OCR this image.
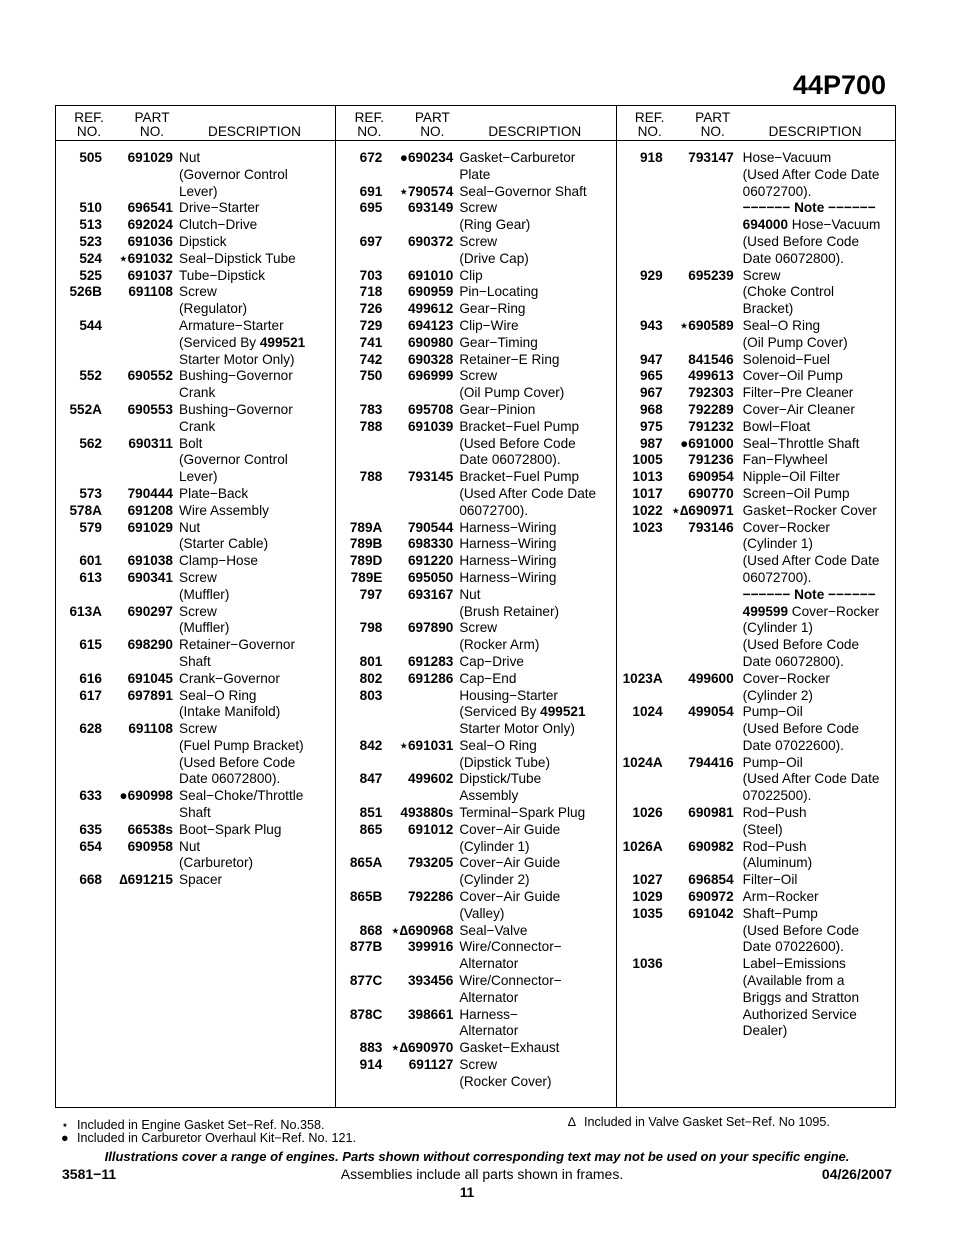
44P700
REF.
NO.
PART
NO.	DESCRIPTION
505	691029 Nut
(Governor Control
Lever)
510	696541 Drive−Starter
513	692024 Clutch−Drive
523	691036 Dipstick
524	⋆691032 Seal−Dipstick Tube
525	691037 Tube−Dipstick
526B	691108 Screw
(Regulator)
544	Armature−Starter
(Serviced By 499521
Starter Motor Only)
552	690552 Bushing−Governor
Crank
552A	690553 Bushing−Governor
Crank
562	690311 Bolt
(Governor Control
Lever)
573	790444 Plate−Back
578A	691208 Wire Assembly
579	691029 Nut
(Starter Cable)
601	691038 Clamp−Hose
613	690341 Screw
(Muffler)
613A	690297 Screw
(Muffler)
615	698290 Retainer−Governor
Shaft
616	691045 Crank−Governor
617	697891 Seal−O Ring
(Intake Manifold)
628	691108 Screw
(Fuel Pump Bracket)
(Used Before Code
Date 06072800).
633	●690998 Seal−Choke/Throttle
Shaft
635	66538s Boot−Spark Plug
654	690958 Nut
(Carburetor)
668	∆691215 Spacer
REF.
NO.
PART
NO.	DESCRIPTION
672	●690234 Gasket−Carburetor
Plate
691	⋆790574 Seal−Governor Shaft
695	693149 Screw
(Ring Gear)
697	690372 Screw
(Drive Cap)
703	691010 Clip
718	690959 Pin−Locating
726	499612 Gear−Ring
729	694123 Clip−Wire
741	690980 Gear−Timing
742	690328 Retainer−E Ring
750	696999 Screw
(Oil Pump Cover)
783	695708 Gear−Pinion
788	691039 Bracket−Fuel Pump
(Used Before Code
Date 06072800).
788	793145 Bracket−Fuel Pump
(Used After Code Date
06072700).
789A	790544 Harness−Wiring
789B	698330 Harness−Wiring
789D	691220 Harness−Wiring
789E	695050 Harness−Wiring
797	693167 Nut
(Brush Retainer)
798	697890 Screw
(Rocker Arm)
801	691283 Cap−Drive
802	691286 Cap−End
803	Housing−Starter
(Serviced By 499521
Starter Motor Only)
842	⋆691031 Seal−O Ring
(Dipstick Tube)
847	499602 Dipstick/Tube
Assembly
851	493880s Terminal−Spark Plug
865	691012 Cover−Air Guide
(Cylinder 1)
865A	793205 Cover−Air Guide
(Cylinder 2)
865B	792286 Cover−Air Guide
(Valley)
868 ⋆∆690968 Seal−Valve
877B	399916 Wire/Connector−
Alternator
877C	393456 Wire/Connector−
Alternator
878C	398661 Harness−
Alternator
883 ⋆∆690970 Gasket−Exhaust
914	691127 Screw
(Rocker Cover)
REF.
NO.
PART
NO.	DESCRIPTION
918	793147 Hose−Vacuum
(Used After Code Date
06072700).
−−−−−− Note −−−−−−
694000 Hose−Vacuum
(Used Before Code
Date 06072800).
929	695239 Screw
(Choke Control
Bracket)
943	⋆690589 Seal−O Ring
(Oil Pump Cover)
947	841546 Solenoid−Fuel
965	499613 Cover−Oil Pump
967	792303 Filter−Pre Cleaner
968	792289 Cover−Air Cleaner
975	791232 Bowl−Float
987	●691000 Seal−Throttle Shaft
1005	791236 Fan−Flywheel
1013	690954 Nipple−Oil Filter
1017	690770 Screen−Oil Pump
1022 ⋆∆690971 Gasket−Rocker Cover
1023	793146 Cover−Rocker
(Cylinder 1)
(Used After Code Date
06072700).
−−−−−− Note −−−−−−
499599 Cover−Rocker
(Cylinder 1)
(Used Before Code
Date 06072800).
1023A	499600 Cover−Rocker
(Cylinder 2)
1024	499054 Pump−Oil
(Used Before Code
Date 07022600).
1024A	794416 Pump−Oil
(Used After Code Date
07022500).
1026	690981 Rod−Push
(Steel)
1026A	690982 Rod−Push
(Aluminum)
1027	696854 Filter−Oil
1029	690972 Arm−Rocker
1035	691042 Shaft−Pump
(Used Before Code
Date 07022600).
1036	Label−Emissions
(Available from a
Briggs and Stratton
Authorized Service
Dealer)
⋆ Included in Engine Gasket Set−Ref. No.358.
● Included in Carburetor Overhaul Kit−Ref. No. 121.
∆ Included in Valve Gasket Set−Ref. No 1095.
Illustrations cover a range of engines. Parts shown without corresponding text may not be used on your specific engine.
3581−11	Assemblies include all parts shown in frames.	04/26/2007
11
